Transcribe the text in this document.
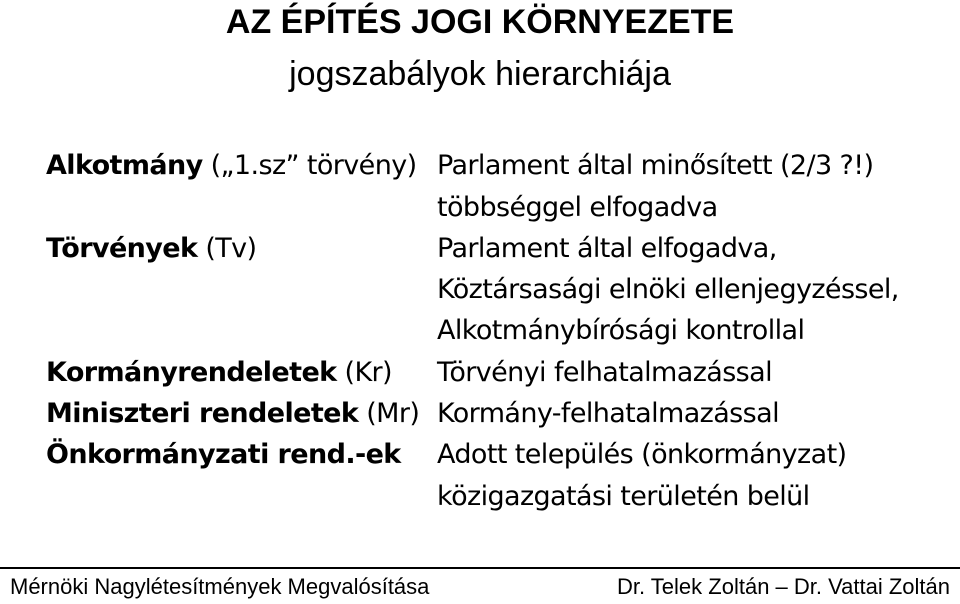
AZ ÉPÍTÉS JOGI KÖRNYEZETE
jogszabályok hierarchiája
Alkotmány („1.sz” törvény) Parlament által minősített (2/3 ?!)
többséggel elfogadva
Törvények (Tv)	Parlament által elfogadva,
Köztársasági elnöki ellenjegyzéssel,
Alkotmánybírósági kontrollal
Kormányrendeletek (Kr) Törvényi felhatalmazással
Miniszteri rendeletek (Mr) Kormány-felhatalmazással
Önkormányzati rend.-ek Adott település (önkormányzat)
közigazgatási területén belül
Mérnöki Nagylétesítmények Megvalósítása	Dr. Telek Zoltán – Dr. Vattai Zoltán
